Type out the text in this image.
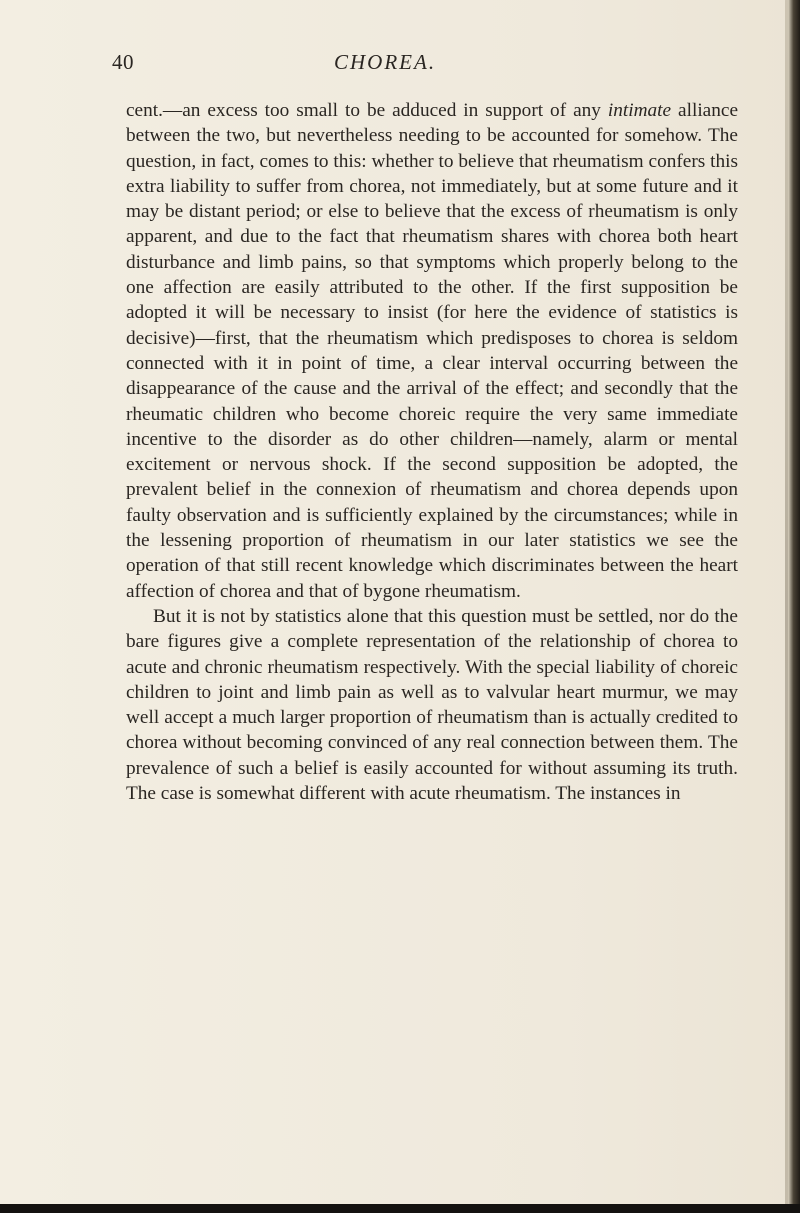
40	CHOREA.

cent.—an excess too small to be adduced in support of any intimate alliance between the two, but nevertheless needing to be accounted for somehow. The question, in fact, comes to this: whether to believe that rheumatism confers this extra liability to suffer from chorea, not immediately, but at some future and it may be distant period; or else to believe that the excess of rheumatism is only apparent, and due to the fact that rheumatism shares with chorea both heart disturbance and limb pains, so that symptoms which properly belong to the one affection are easily attributed to the other. If the first supposition be adopted it will be necessary to insist (for here the evidence of statistics is decisive)—first, that the rheumatism which predisposes to chorea is seldom connected with it in point of time, a clear interval occurring between the disappearance of the cause and the arrival of the effect; and secondly that the rheumatic children who become choreic require the very same immediate incentive to the disorder as do other children—namely, alarm or mental excitement or nervous shock. If the second supposition be adopted, the prevalent belief in the connexion of rheumatism and chorea depends upon faulty observation and is sufficiently explained by the circumstances; while in the lessening proportion of rheumatism in our later statistics we see the operation of that still recent knowledge which discriminates between the heart affection of chorea and that of bygone rheumatism.

But it is not by statistics alone that this question must be settled, nor do the bare figures give a complete representation of the relationship of chorea to acute and chronic rheumatism respectively. With the special liability of choreic children to joint and limb pain as well as to valvular heart murmur, we may well accept a much larger proportion of rheumatism than is actually credited to chorea without becoming convinced of any real connection between them. The prevalence of such a belief is easily accounted for without assuming its truth. The case is somewhat different with acute rheumatism. The instances in
